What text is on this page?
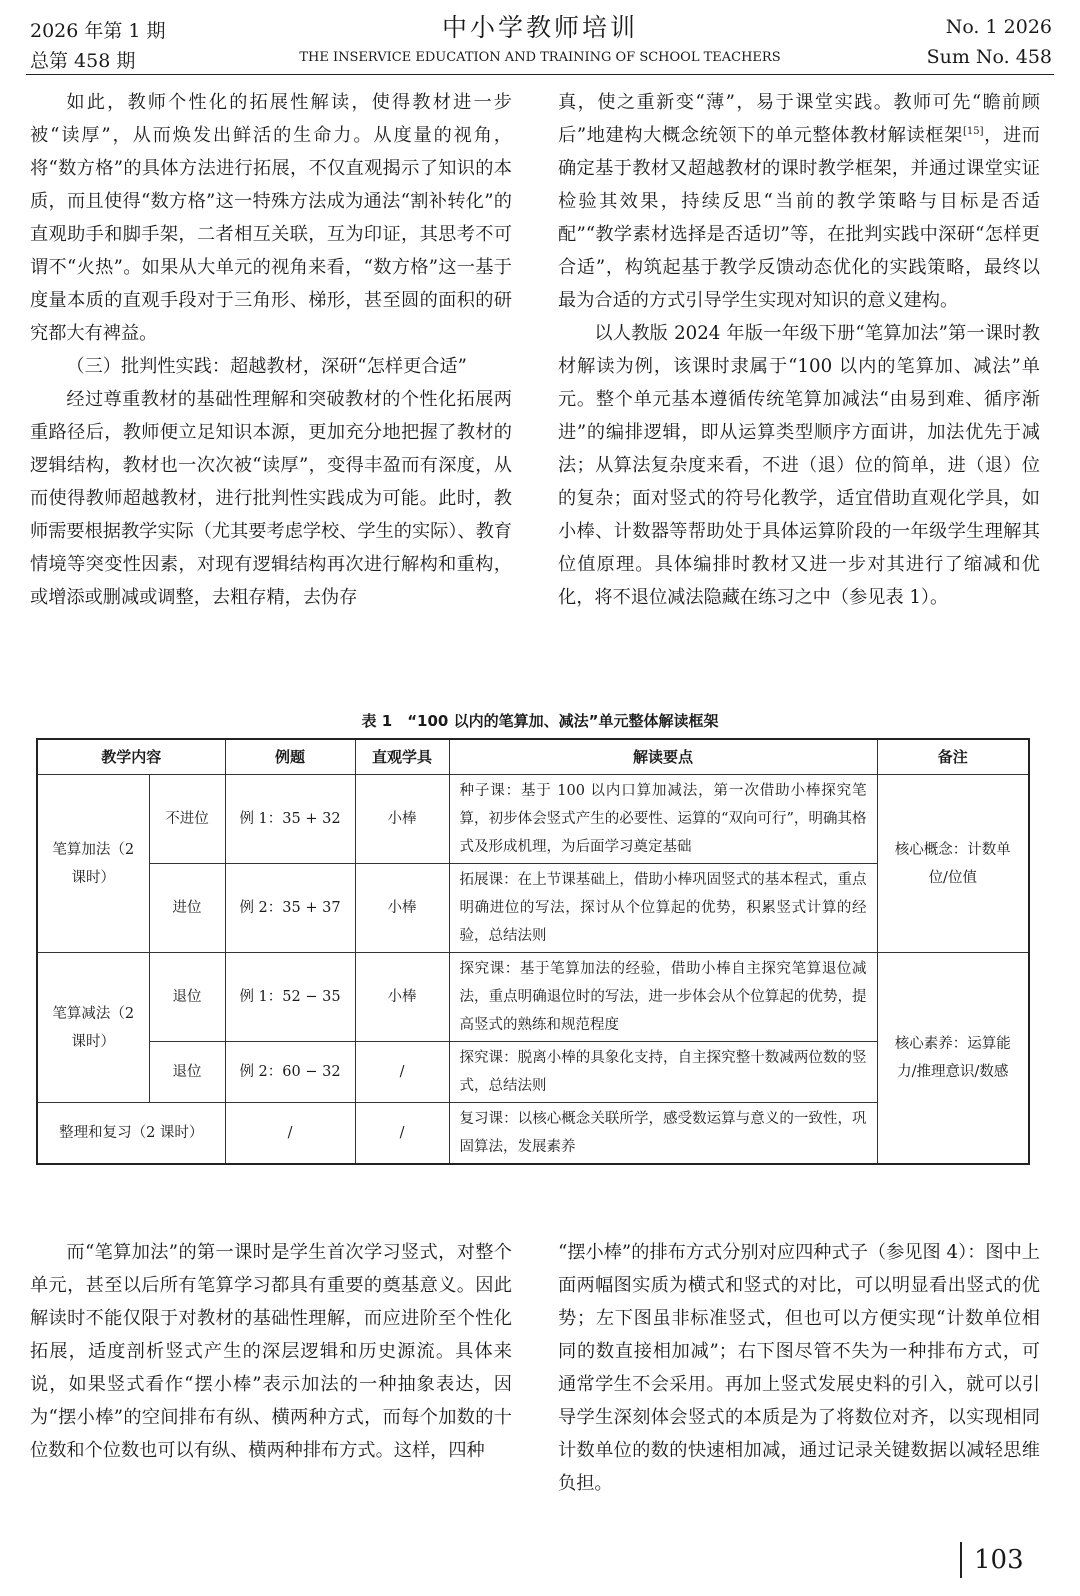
2026 年第 1 期
总第 458 期
中小学教师培训
THE INSERVICE EDUCATION AND TRAINING OF SCHOOL TEACHERS
No. 1 2026
Sum No. 458

如此，教师个性化的拓展性解读，使得教材进一步被“读厚”，从而焕发出鲜活的生命力。从度量的视角，将“数方格”的具体方法进行拓展，不仅直观揭示了知识的本质，而且使得“数方格”这一特殊方法成为通法“割补转化”的直观助手和脚手架，二者相互关联，互为印证，其思考不可谓不“火热”。如果从大单元的视角来看，“数方格”这一基于度量本质的直观手段对于三角形、梯形，甚至圆的面积的研究都大有裨益。

（三）批判性实践：超越教材，深研“怎样更合适”

经过尊重教材的基础性理解和突破教材的个性化拓展两重路径后，教师便立足知识本源，更加充分地把握了教材的逻辑结构，教材也一次次被“读厚”，变得丰盈而有深度，从而使得教师超越教材，进行批判性实践成为可能。此时，教师需要根据教学实际（尤其要考虑学校、学生的实际）、教育情境等突变性因素，对现有逻辑结构再次进行解构和重构，或增添或删减或调整，去粗存精，去伪存

真，使之重新变“薄”，易于课堂实践。教师可先“瞻前顾后”地建构大概念统领下的单元整体教材解读框架[15]，进而确定基于教材又超越教材的课时教学框架，并通过课堂实证检验其效果，持续反思“当前的教学策略与目标是否适配”“教学素材选择是否适切”等，在批判实践中深研“怎样更合适”，构筑起基于教学反馈动态优化的实践策略，最终以最为合适的方式引导学生实现对知识的意义建构。

以人教版 2024 年版一年级下册“笔算加法”第一课时教材解读为例，该课时隶属于“100 以内的笔算加、减法”单元。整个单元基本遵循传统笔算加减法“由易到难、循序渐进”的编排逻辑，即从运算类型顺序方面讲，加法优先于减法；从算法复杂度来看，不进（退）位的简单，进（退）位的复杂；面对竖式的符号化教学，适宜借助直观化学具，如小棒、计数器等帮助处于具体运算阶段的一年级学生理解其位值原理。具体编排时教材又进一步对其进行了缩减和优化，将不退位减法隐藏在练习之中（参见表 1）。

表 1　“100 以内的笔算加、减法”单元整体解读框架
教学内容		例题	直观学具	解读要点	备注
笔算加法（2 课时）	不进位	例 1：35 + 32	小棒	种子课：基于 100 以内口算加减法，第一次借助小棒探究笔算，初步体会竖式产生的必要性、运算的“双向可行”，明确其格式及形成机理，为后面学习奠定基础	核心概念：计数单位/位值
	进位	例 2：35 + 37	小棒	拓展课：在上节课基础上，借助小棒巩固竖式的基本程式，重点明确进位的写法，探讨从个位算起的优势，积累竖式计算的经验，总结法则	
笔算减法（2 课时）	退位	例 1：52 − 35	小棒	探究课：基于笔算加法的经验，借助小棒自主探究笔算退位减法，重点明确退位时的写法，进一步体会从个位算起的优势，提高竖式的熟练和规范程度	核心素养：运算能力/推理意识/数感
	退位	例 2：60 − 32	/	探究课：脱离小棒的具象化支持，自主探究整十数减两位数的竖式，总结法则	
整理和复习（2 课时）		/	/	复习课：以核心概念关联所学，感受数运算与意义的一致性，巩固算法，发展素养	

而“笔算加法”的第一课时是学生首次学习竖式，对整个单元，甚至以后所有笔算学习都具有重要的奠基意义。因此解读时不能仅限于对教材的基础性理解，而应进阶至个性化拓展，适度剖析竖式产生的深层逻辑和历史源流。具体来说，如果竖式看作“摆小棒”表示加法的一种抽象表达，因为“摆小棒”的空间排布有纵、横两种方式，而每个加数的十位数和个位数也可以有纵、横两种排布方式。这样，四种

“摆小棒”的排布方式分别对应四种式子（参见图 4）：图中上面两幅图实质为横式和竖式的对比，可以明显看出竖式的优势；左下图虽非标准竖式，但也可以方便实现“计数单位相同的数直接相加减”；右下图尽管不失为一种排布方式，可通常学生不会采用。再加上竖式发展史料的引入，就可以引导学生深刻体会竖式的本质是为了将数位对齐，以实现相同计数单位的数的快速相加减，通过记录关键数据以减轻思维负担。

103
